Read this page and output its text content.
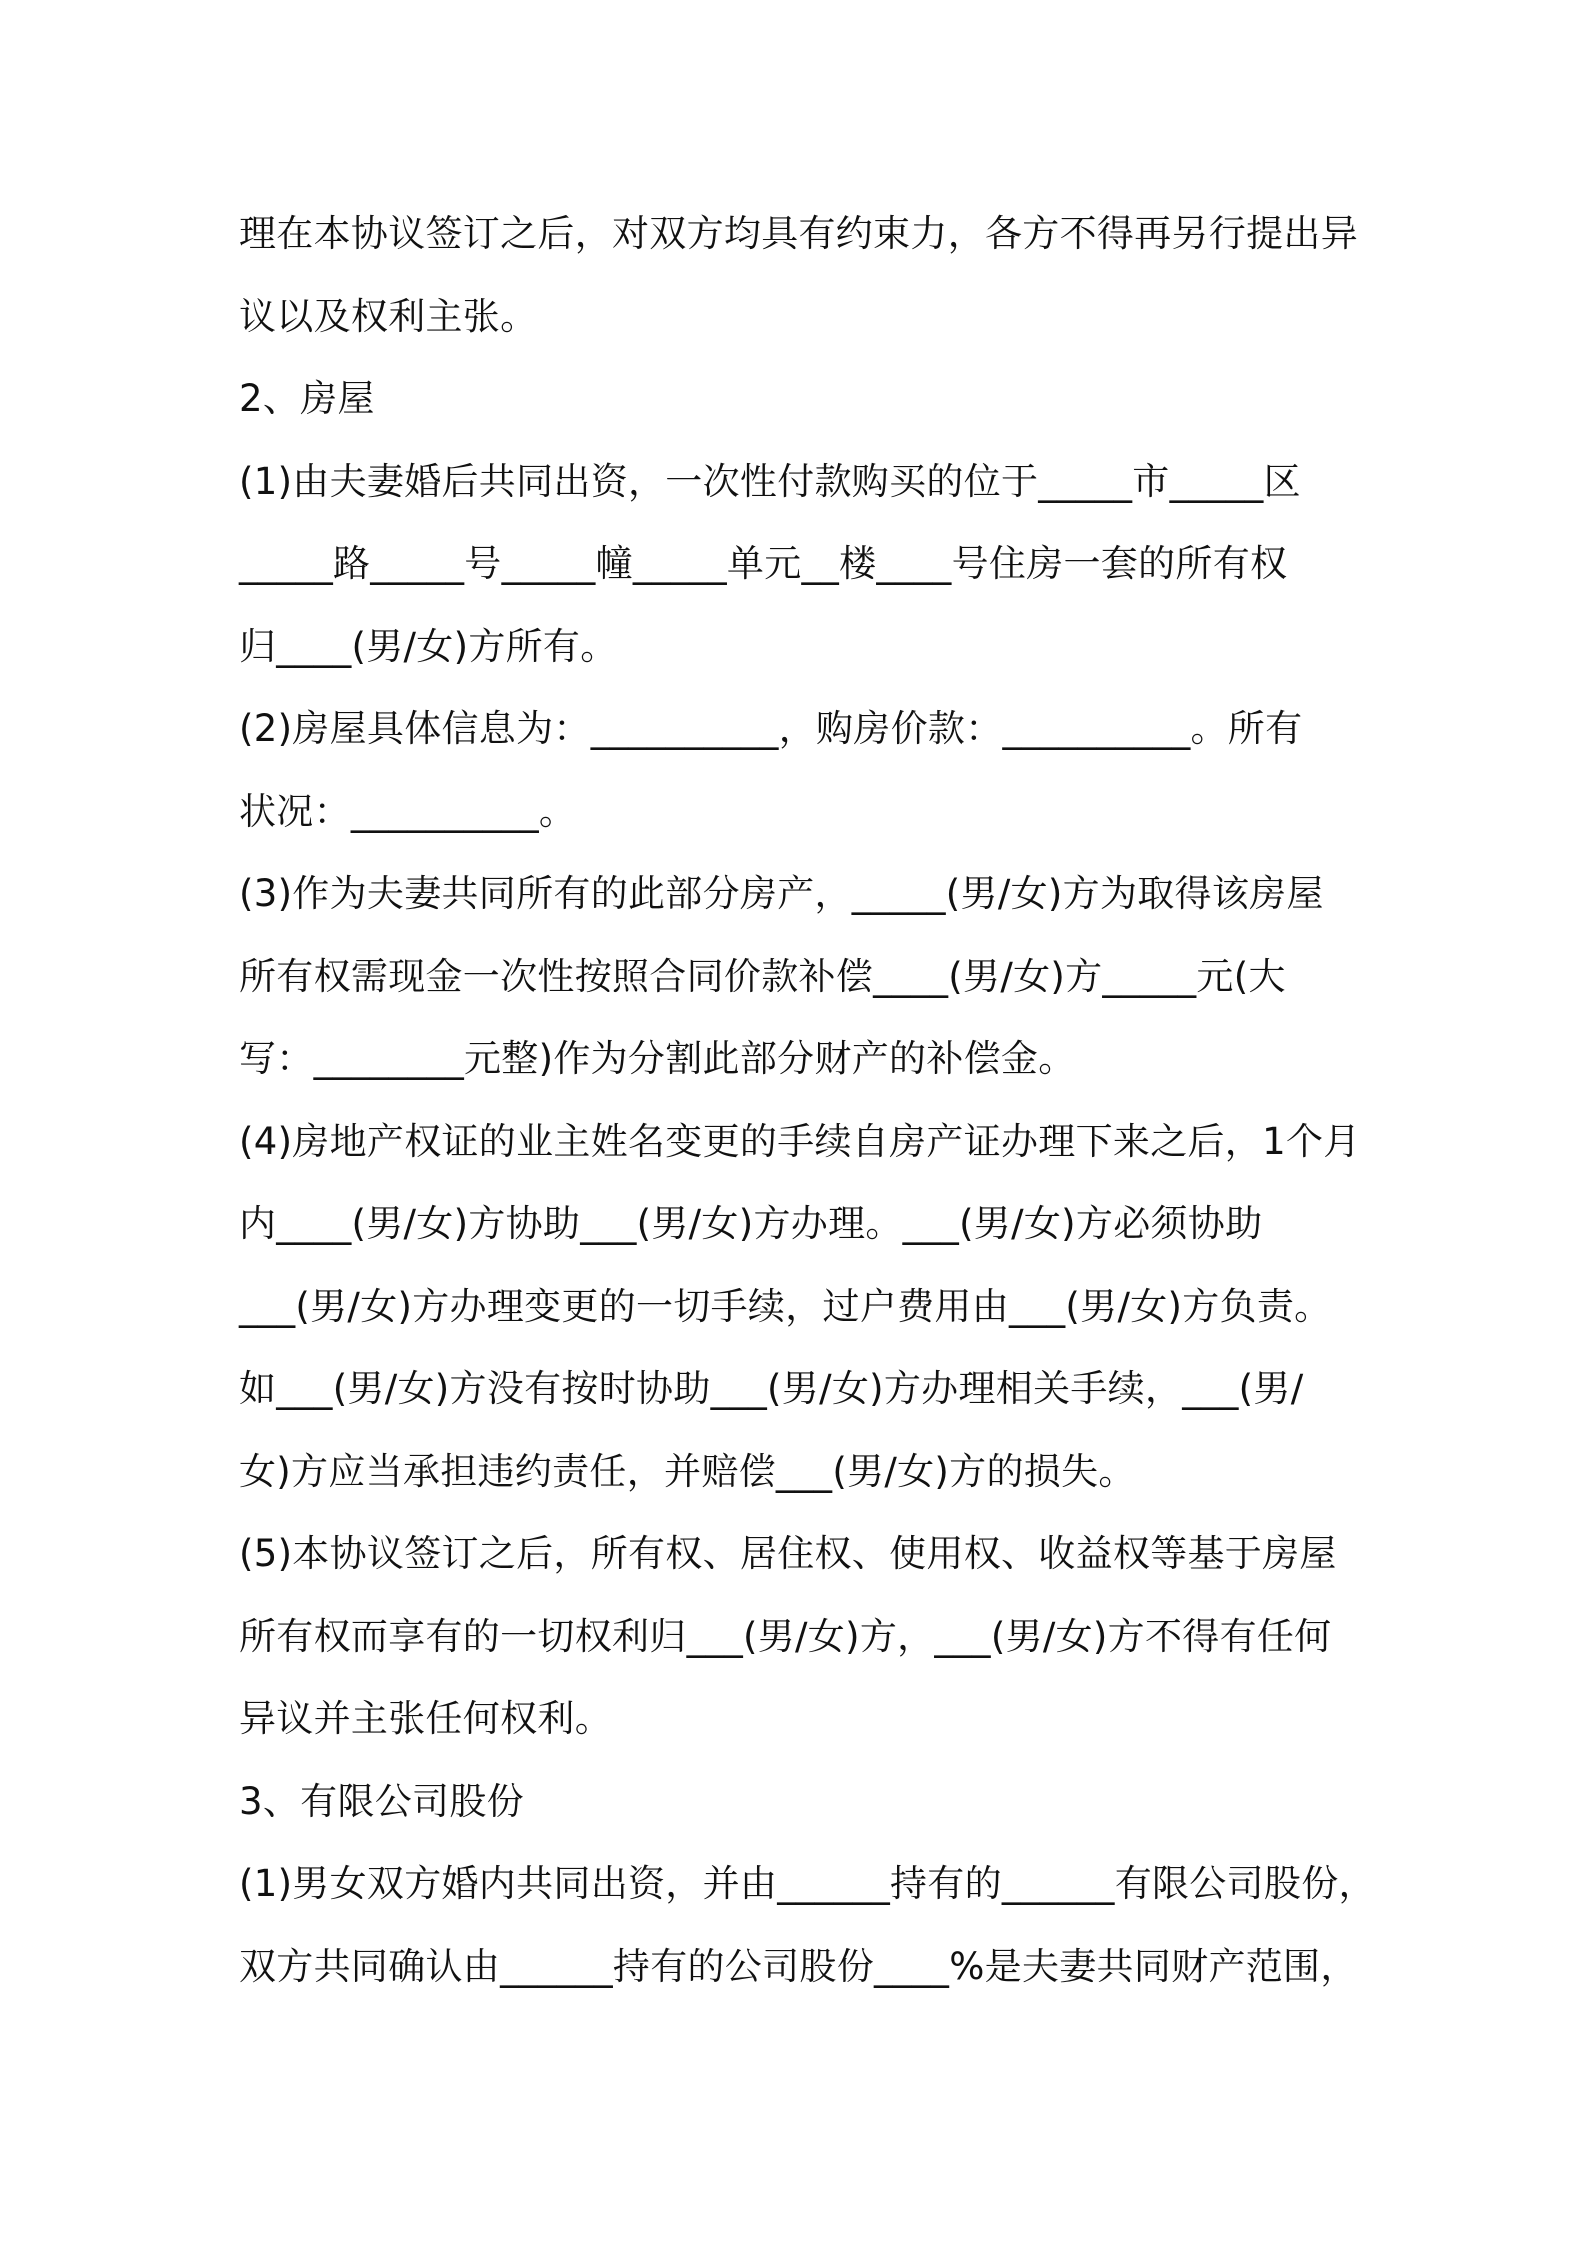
理在本协议签订之后，对双方均具有约束力，各方不得再另行提出异
议以及权利主张。
2、房屋
(1)由夫妻婚后共同出资，一次性付款购买的位于_____市_____区
_____路_____号_____幢_____单元__楼____号住房一套的所有权
归____(男/女)方所有。
(2)房屋具体信息为：__________，购房价款：__________。所有
状况：__________。
(3)作为夫妻共同所有的此部分房产，_____(男/女)方为取得该房屋
所有权需现金一次性按照合同价款补偿____(男/女)方_____元(大
写：________元整)作为分割此部分财产的补偿金。
(4)房地产权证的业主姓名变更的手续自房产证办理下来之后，1个月
内____(男/女)方协助___(男/女)方办理。___(男/女)方必须协助
___(男/女)方办理变更的一切手续，过户费用由___(男/女)方负责。
如___(男/女)方没有按时协助___(男/女)方办理相关手续，___(男/
女)方应当承担违约责任，并赔偿___(男/女)方的损失。
(5)本协议签订之后，所有权、居住权、使用权、收益权等基于房屋
所有权而享有的一切权利归___(男/女)方，___(男/女)方不得有任何
异议并主张任何权利。
3、有限公司股份
(1)男女双方婚内共同出资，并由______持有的______有限公司股份，
双方共同确认由______持有的公司股份____%是夫妻共同财产范围，
